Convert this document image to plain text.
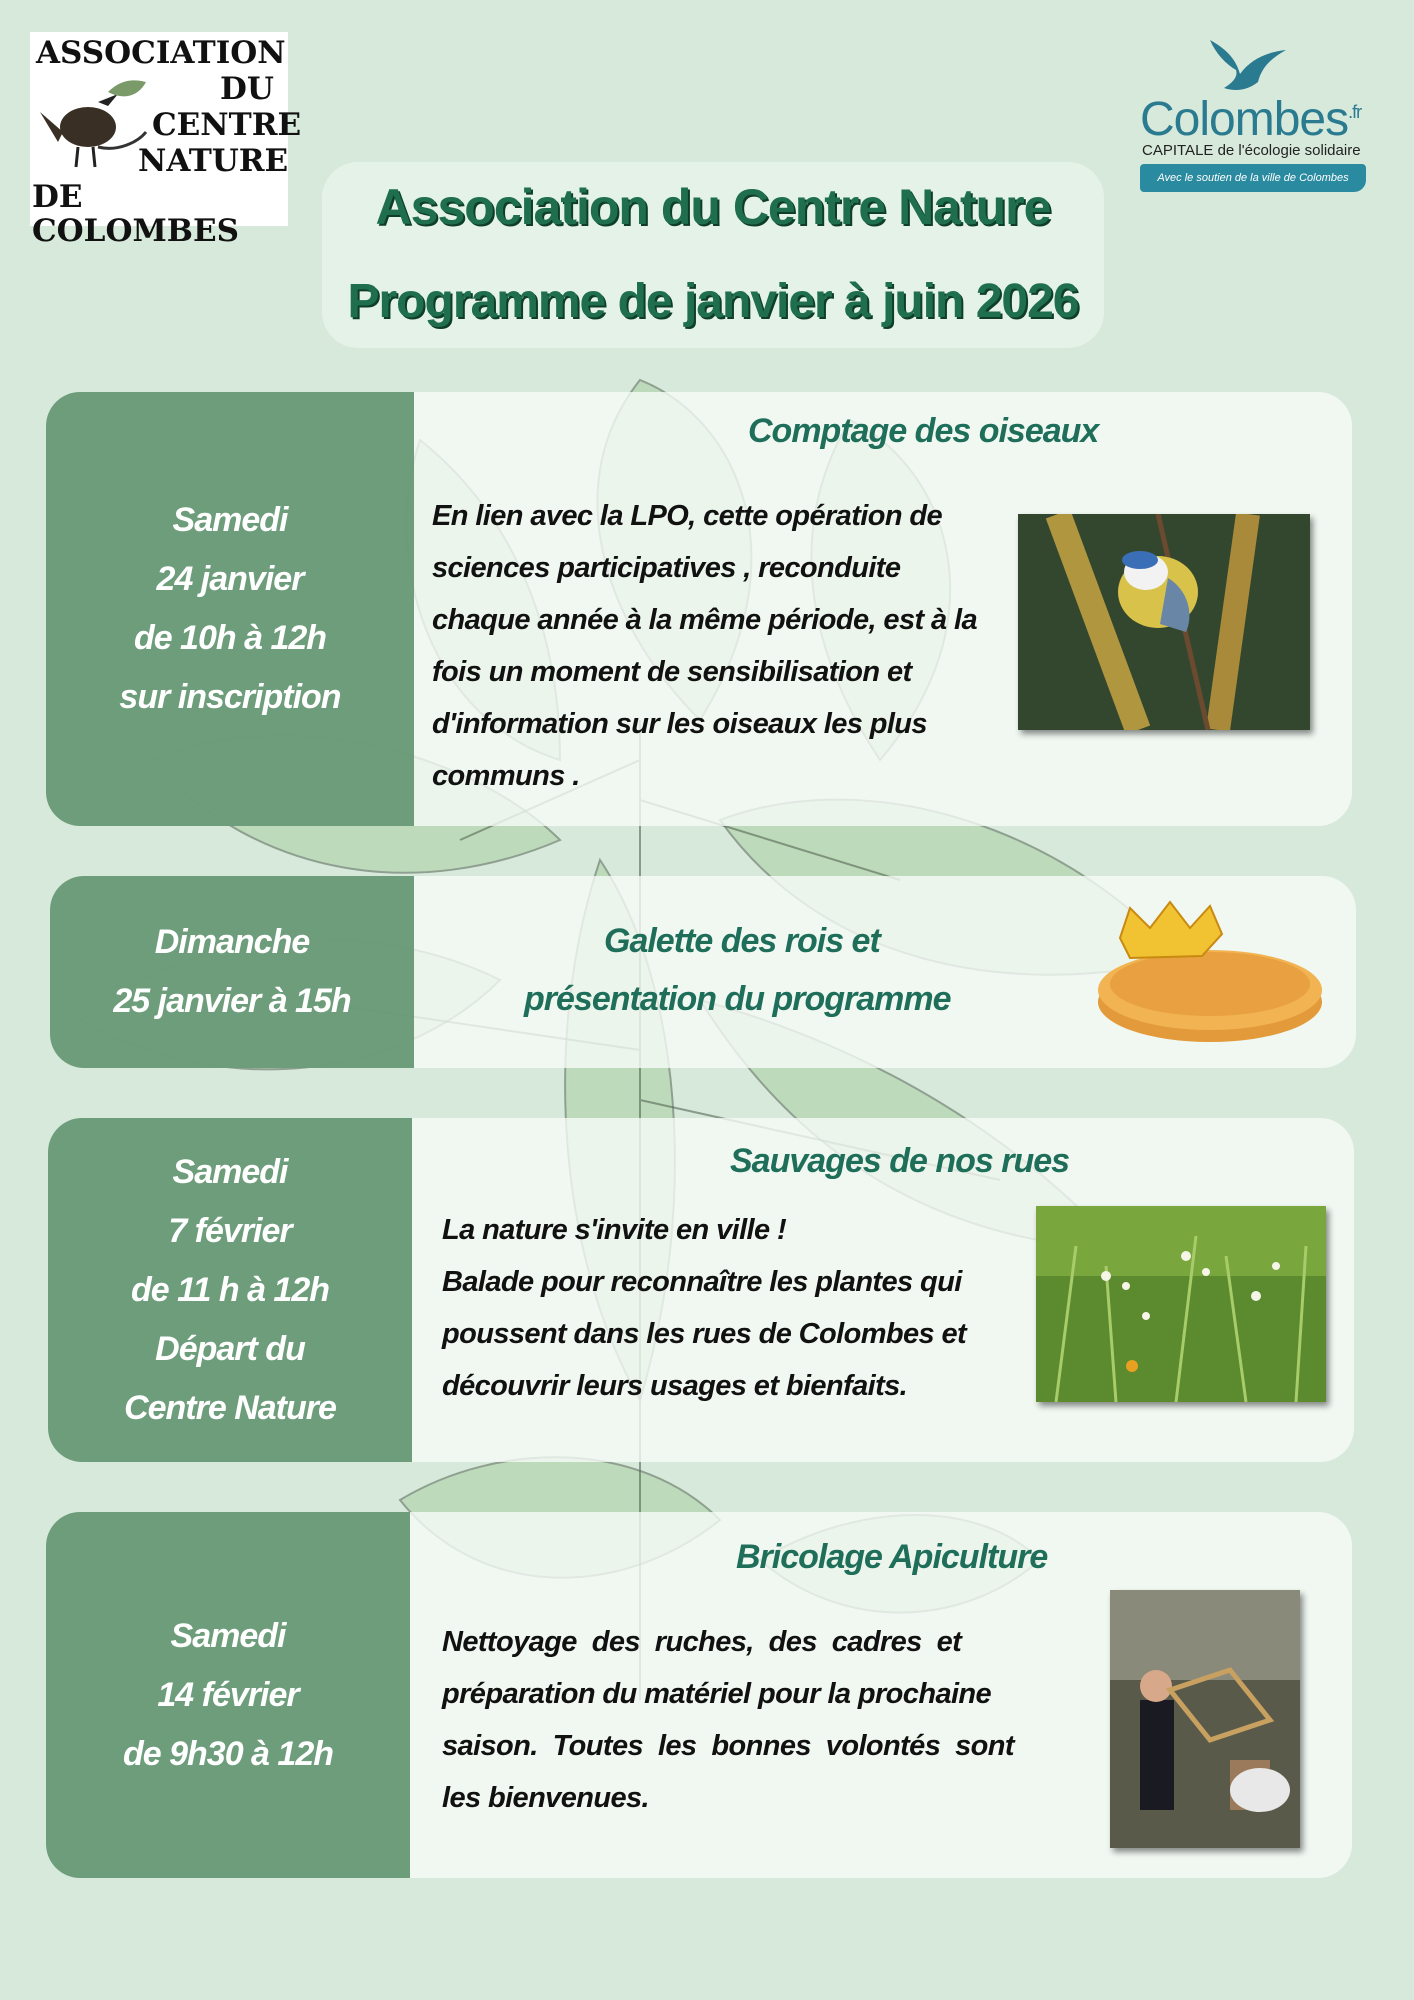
ASSOCIATION
DU
CENTRE
NATURE
DE COLOMBES
Colombes$^{.fr}$
CAPITALE de l'écologie solidaire
Avec le soutien de la ville de Colombes
Association du Centre Nature
Programme de janvier à juin 2026
Samedi
24 janvier
de 10h à 12h
sur inscription
Comptage des oiseaux
En lien avec la LPO, cette opération de
sciences participatives , reconduite
chaque année à la même période, est à la
fois un moment de sensibilisation et
d'information sur les oiseaux les plus
communs .
Dimanche
25 janvier à 15h
Galette des rois et
présentation du programme
Samedi
7 février
de 11 h à 12h
Départ du
Centre Nature
Sauvages de nos rues
La nature s'invite en ville !
Balade pour reconnaître les plantes qui
poussent dans les rues de Colombes et
découvrir leurs usages et bienfaits.
Samedi
14 février
de 9h30 à 12h
Bricolage Apiculture
Nettoyage  des  ruches,  des  cadres  et
préparation du matériel pour la prochaine
saison.  Toutes  les  bonnes  volontés  sont
les bienvenues.
